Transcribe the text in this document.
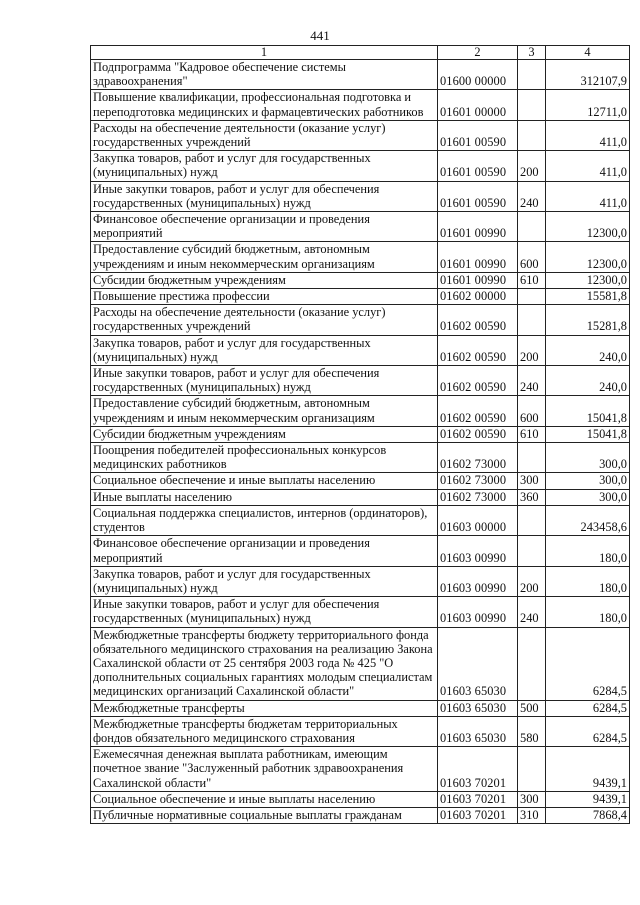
441
1	2	3	4
Подпрограмма "Кадровое обеспечение системы здравоохранения"	01600 00000		312107,9
Повышение квалификации, профессиональная подготовка и переподготовка медицинских и фармацевтических работников	01601 00000		12711,0
Расходы на обеспечение деятельности (оказание услуг) государственных учреждений	01601 00590		411,0
Закупка товаров, работ и услуг для государственных (муниципальных) нужд	01601 00590	200	411,0
Иные закупки товаров, работ и услуг для обеспечения государственных (муниципальных) нужд	01601 00590	240	411,0
Финансовое обеспечение организации и проведения мероприятий	01601 00990		12300,0
Предоставление субсидий бюджетным, автономным учреждениям и иным некоммерческим организациям	01601 00990	600	12300,0
Субсидии бюджетным учреждениям	01601 00990	610	12300,0
Повышение престижа профессии	01602 00000		15581,8
Расходы на обеспечение деятельности (оказание услуг) государственных учреждений	01602 00590		15281,8
Закупка товаров, работ и услуг для государственных (муниципальных) нужд	01602 00590	200	240,0
Иные закупки товаров, работ и услуг для обеспечения государственных (муниципальных) нужд	01602 00590	240	240,0
Предоставление субсидий бюджетным, автономным учреждениям и иным некоммерческим организациям	01602 00590	600	15041,8
Субсидии бюджетным учреждениям	01602 00590	610	15041,8
Поощрения победителей профессиональных конкурсов медицинских работников	01602 73000		300,0
Социальное обеспечение и иные выплаты населению	01602 73000	300	300,0
Иные выплаты населению	01602 73000	360	300,0
Социальная поддержка специалистов, интернов (ординаторов), студентов	01603 00000		243458,6
Финансовое обеспечение организации и проведения мероприятий	01603 00990		180,0
Закупка товаров, работ и услуг для государственных (муниципальных) нужд	01603 00990	200	180,0
Иные закупки товаров, работ и услуг для обеспечения государственных (муниципальных) нужд	01603 00990	240	180,0
Межбюджетные трансферты бюджету территориального фонда обязательного медицинского страхования на реализацию Закона Сахалинской области от 25 сентября 2003 года № 425 "О дополнительных социальных гарантиях молодым специалистам медицинских организаций Сахалинской области"	01603 65030		6284,5
Межбюджетные трансферты	01603 65030	500	6284,5
Межбюджетные трансферты бюджетам территориальных фондов обязательного медицинского страхования	01603 65030	580	6284,5
Ежемесячная денежная выплата работникам, имеющим почетное звание "Заслуженный работник здравоохранения Сахалинской области"	01603 70201		9439,1
Социальное обеспечение и иные выплаты населению	01603 70201	300	9439,1
Публичные нормативные социальные выплаты гражданам	01603 70201	310	7868,4
